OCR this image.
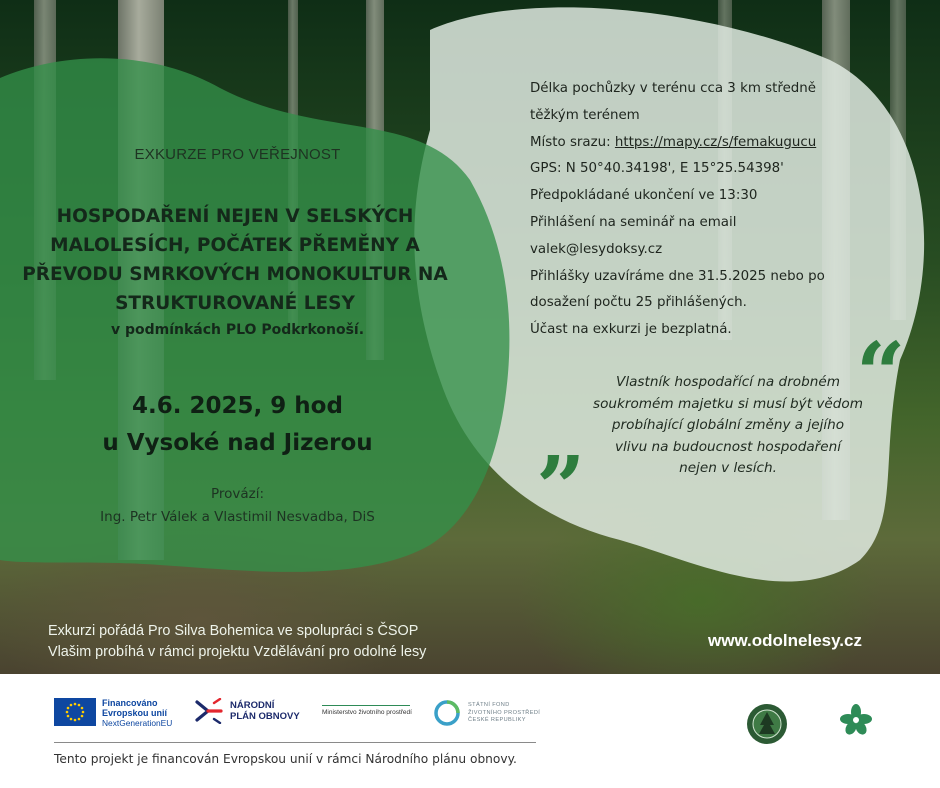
EXKURZE PRO VEŘEJNOST

HOSPODAŘENÍ NEJEN V SELSKÝCH
MALOLESÍCH, POČÁTEK PŘEMĚNY A
PŘEVODU SMRKOVÝCH MONOKULTUR NA
STRUKTUROVANÉ LESY

v podmínkách PLO Podkrkonoší.

4.6. 2025, 9 hod
u Vysoké nad Jizerou

Provází:

Ing. Petr Válek a Vlastimil Nesvadba, DiS

Délka pochůzky v terénu cca 3 km středně

těžkým terénem

Místo srazu: https://mapy.cz/s/femakugucu

GPS: N 50°40.34198', E 15°25.54398'

Předpokládané ukončení ve 13:30

Přihlášení na seminář na email

valek@lesydoksy.cz

Přihlášky uzavíráme dne 31.5.2025 nebo po

dosažení počtu 25 přihlášených.

Účast na exkurzi je bezplatná.	“
Vlastník hospodařící na drobném
soukromém majetku si musí být vědom
probíhající globální změny a jejího
vlivu na budoucnost hospodaření
nejen v lesích.
”
Exkurzi pořádá Pro Silva Bohemica ve spolupráci s ČSOP
Vlašim probíhá v rámci projektu Vzdělávání pro odolné lesy

www.odolnelesy.cz

Financováno
Evropskou unií
NextGenerationEU
NÁRODNÍ
PLÁN OBNOVY	Ministerstvo životního prostředí
STÁTNÍ FOND
ŽIVOTNÍHO PROSTŘEDÍ
ČESKÉ REPUBLIKY

Tento projekt je financován Evropskou unií v rámci Národního plánu obnovy.
